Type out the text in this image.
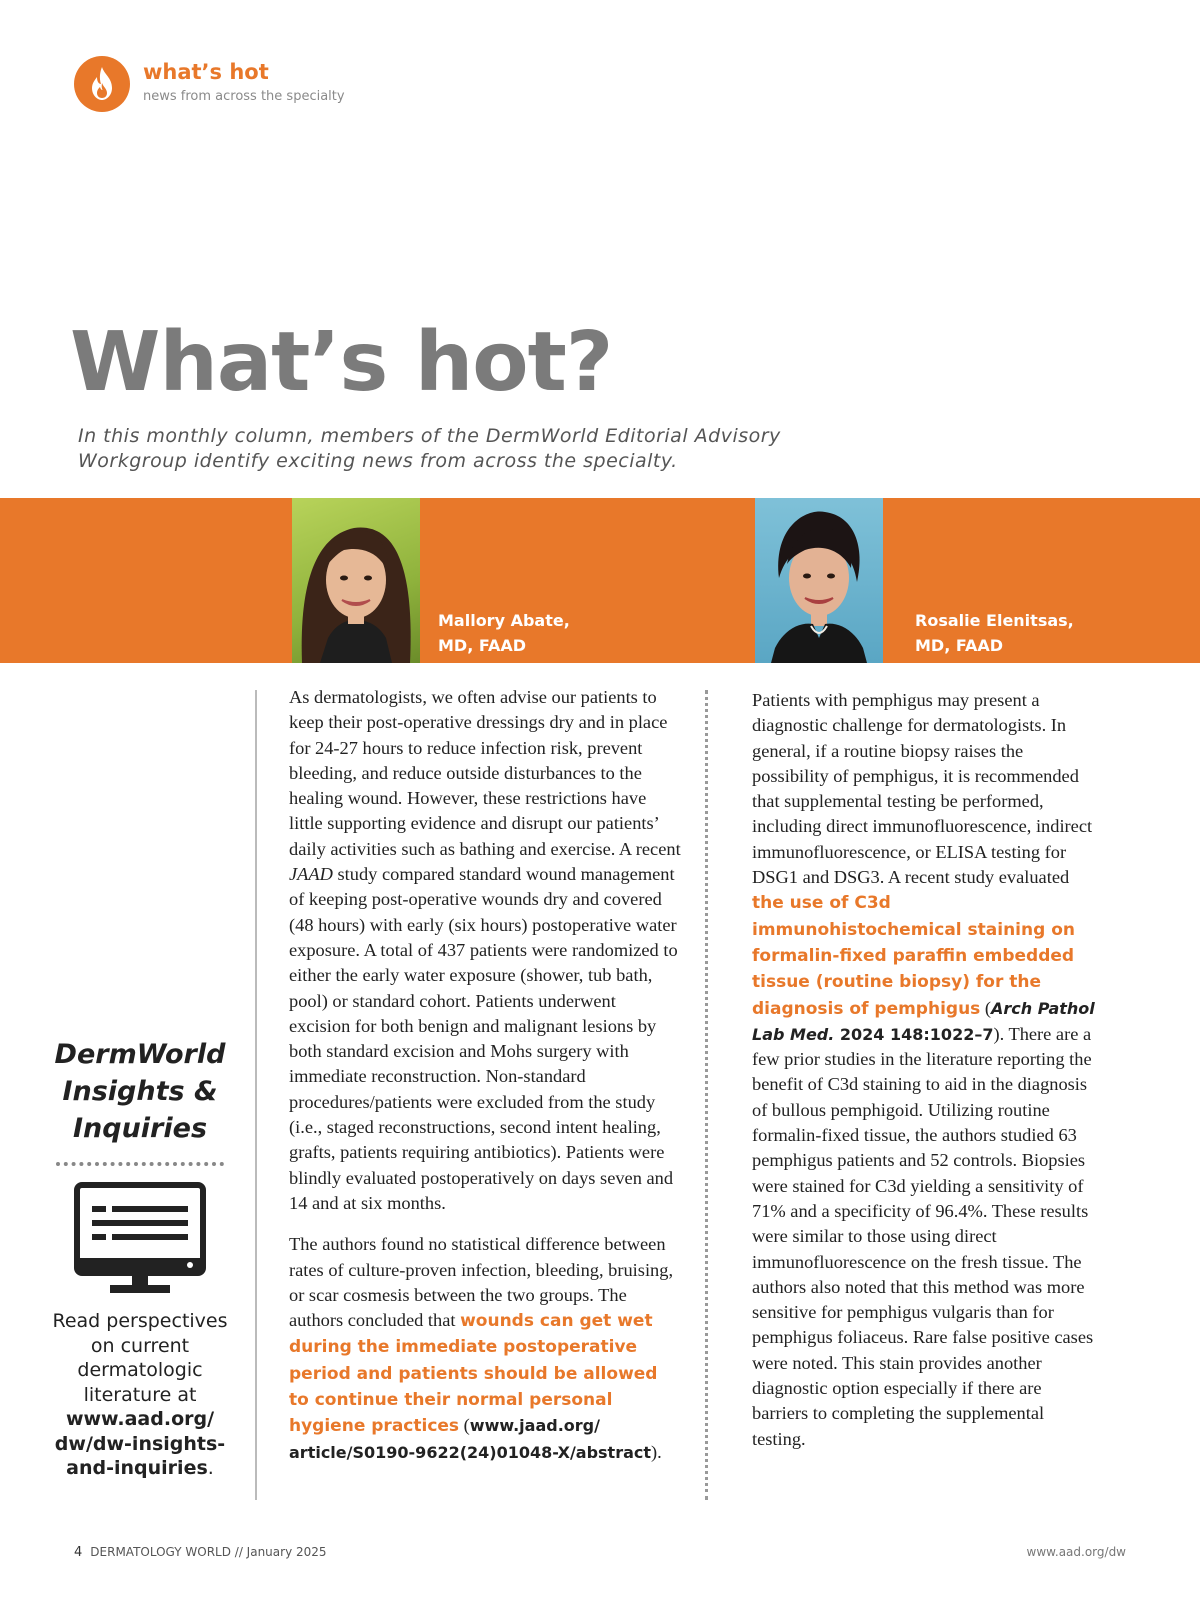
what’s hot
news from across the specialty
What’s hot?
In this monthly column, members of the DermWorld Editorial Advisory Workgroup identify exciting news from across the specialty.
Mallory Abate,
MD, FAAD
Rosalie Elenitsas,
MD, FAAD
DermWorld Insights & Inquiries
Read perspectives on current dermatologic literature at www.aad.org/ dw/dw-insights- and-inquiries.

As dermatologists, we often advise our patients to keep their post-operative dressings dry and in place for 24-27 hours to reduce infection risk, prevent bleeding, and reduce outside disturbances to the healing wound. However, these restrictions have little supporting evidence and disrupt our patients’ daily activities such as bathing and exercise. A recent JAAD study compared standard wound management of keeping post-operative wounds dry and covered (48 hours) with early (six hours) postoperative water exposure. A total of 437 patients were randomized to either the early water exposure (shower, tub bath, pool) or standard cohort. Patients underwent excision for both benign and malignant lesions by both standard excision and Mohs surgery with immediate reconstruction. Non-standard procedures/patients were excluded from the study (i.e., staged reconstructions, second intent healing, grafts, patients requiring antibiotics). Patients were blindly evaluated postoperatively on days seven and 14 and at six months.

The authors found no statistical difference between rates of culture-proven infection, bleeding, bruising, or scar cosmesis between the two groups. The authors concluded that wounds can get wet during the immediate postoperative period and patients should be allowed to continue their normal personal hygiene practices (www.jaad.org/ article/S0190-9622(24)01048-X/abstract).

Patients with pemphigus may present a diagnostic challenge for dermatologists. In general, if a routine biopsy raises the possibility of pemphigus, it is recommended that supplemental testing be performed, including direct immunofluorescence, indirect immunofluorescence, or ELISA testing for DSG1 and DSG3. A recent study evaluated the use of C3d immunohistochemical staining on formalin-fixed paraffin embedded tissue (routine biopsy) for the diagnosis of pemphigus (Arch Pathol Lab Med. 2024 148:1022–7). There are a few prior studies in the literature reporting the benefit of C3d staining to aid in the diagnosis of bullous pemphigoid. Utilizing routine formalin-fixed tissue, the authors studied 63 pemphigus patients and 52 controls. Biopsies were stained for C3d yielding a sensitivity of 71% and a specificity of 96.4%. These results were similar to those using direct immunofluorescence on the fresh tissue. The authors also noted that this method was more sensitive for pemphigus vulgaris than for pemphigus foliaceus. Rare false positive cases were noted. This stain provides another diagnostic option especially if there are barriers to completing the supplemental testing.

4 DERMATOLOGY WORLD // January 2025	www.aad.org/dw
